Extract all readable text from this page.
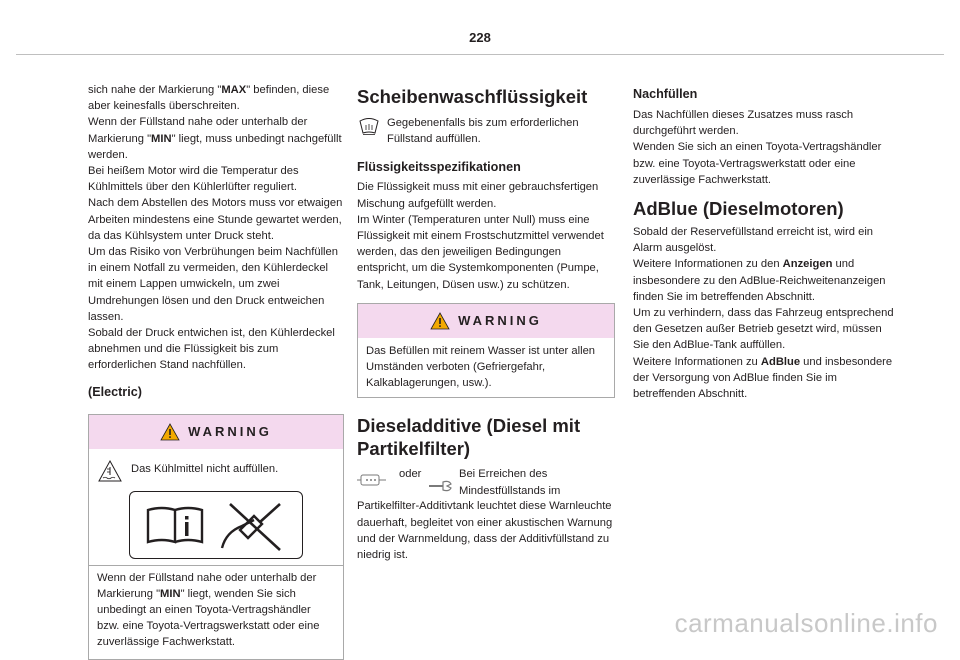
228

sich nahe der Markierung "MAX" befinden, diese aber keinesfalls überschreiten.

Wenn der Füllstand nahe oder unterhalb der Markierung "MIN" liegt, muss unbedingt nachgefüllt werden.

Bei heißem Motor wird die Temperatur des Kühlmittels über den Kühlerlüfter reguliert.

Nach dem Abstellen des Motors muss vor etwaigen Arbeiten mindestens eine Stunde gewartet werden, da das Kühlsystem unter Druck steht.

Um das Risiko von Verbrühungen beim Nachfüllen in einem Notfall zu vermeiden, den Kühlerdeckel mit einem Lappen umwickeln, um zwei Umdrehungen lösen und den Druck entweichen lassen.

Sobald der Druck entwichen ist, den Kühlerdeckel abnehmen und die Flüssigkeit bis zum erforderlichen Stand nachfüllen.

(Electric)
WARNING
Das Kühlmittel nicht auffüllen.

Wenn der Füllstand nahe oder unterhalb der Markierung "MIN" liegt, wenden Sie sich unbedingt an einen Toyota-Vertragshändler bzw. eine Toyota-Vertragswerkstatt oder eine zuverlässige Fachwerkstatt.

Scheibenwaschflüssigkeit
Gegebenenfalls bis zum erforderlichen Füllstand auffüllen.
Flüssigkeitsspezifikationen

Die Flüssigkeit muss mit einer gebrauchsfertigen Mischung aufgefüllt werden.

Im Winter (Temperaturen unter Null) muss eine Flüssigkeit mit einem Frostschutzmittel verwendet werden, das den jeweiligen Bedingungen entspricht, um die Systemkomponenten (Pumpe, Tank, Leitungen, Düsen usw.) zu schützen.

WARNING

Das Befüllen mit reinem Wasser ist unter allen Umständen verboten (Gefriergefahr, Kalkablagerungen, usw.).

Dieseladditive (Diesel mit Partikelfilter)
oder	Bei Erreichen des Mindestfüllstands im

Partikelfilter-Additivtank leuchtet diese Warnleuchte dauerhaft, begleitet von einer akustischen Warnung und der Warnmeldung, dass der Additivfüllstand zu niedrig ist.

Nachfüllen

Das Nachfüllen dieses Zusatzes muss rasch durchgeführt werden.

Wenden Sie sich an einen Toyota-Vertragshändler bzw. eine Toyota-Vertragswerkstatt oder eine zuverlässige Fachwerkstatt.

AdBlue (Dieselmotoren)

Sobald der Reservefüllstand erreicht ist, wird ein Alarm ausgelöst.

Weitere Informationen zu den Anzeigen und insbesondere zu den AdBlue-Reichweitenanzeigen finden Sie im betreffenden Abschnitt.

Um zu verhindern, dass das Fahrzeug entsprechend den Gesetzen außer Betrieb gesetzt wird, müssen Sie den AdBlue-Tank auffüllen.

Weitere Informationen zu AdBlue und insbesondere der Versorgung von AdBlue finden Sie im betreffenden Abschnitt.

carmanualsonline.info
